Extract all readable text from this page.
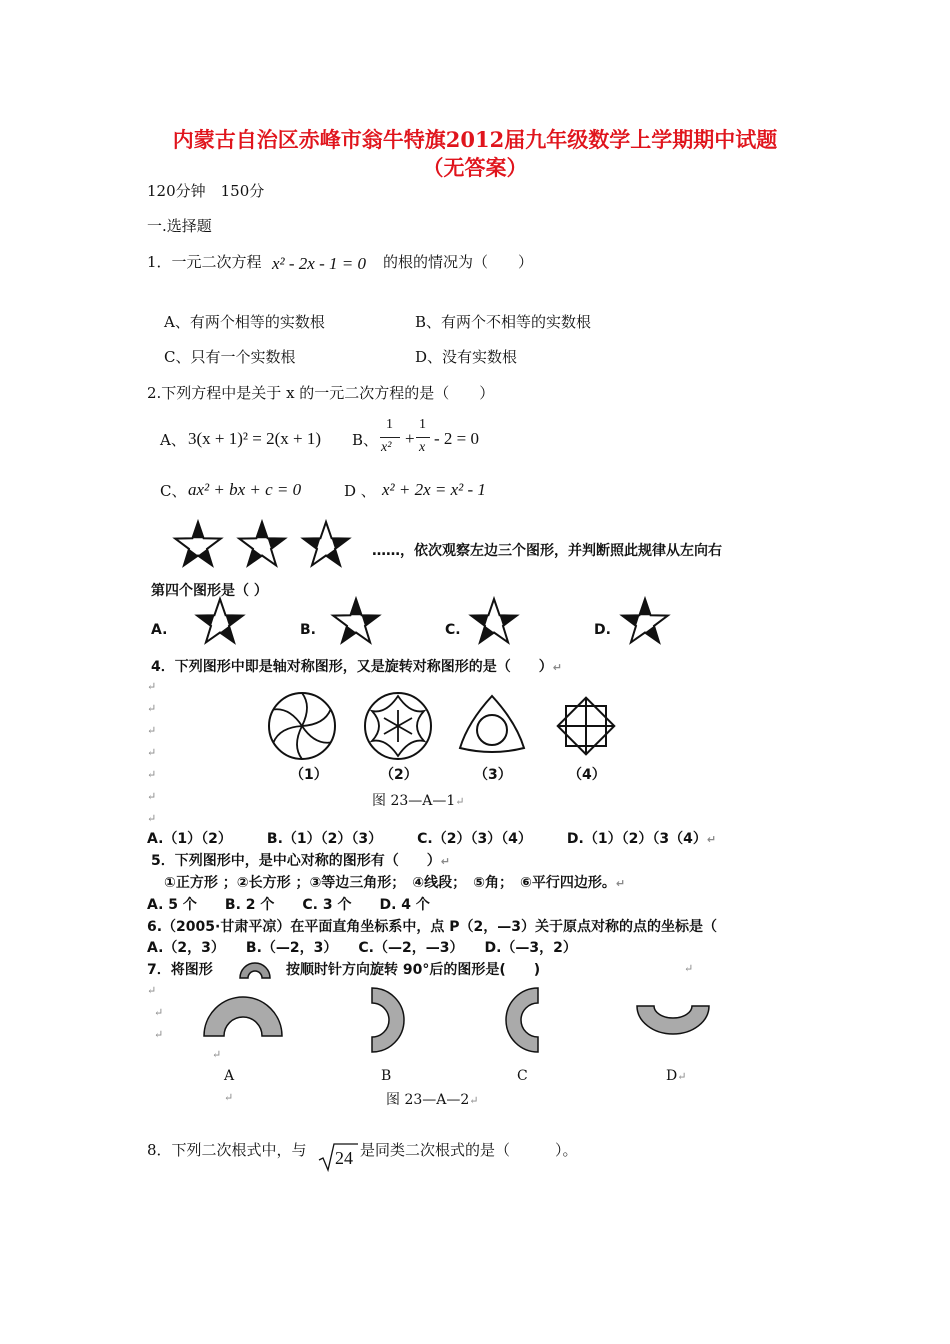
内蒙古自治区赤峰市翁牛特旗2012届九年级数学上学期期中试题
（无答案）
120分钟　150分
一.选择题
1．一元二次方程 x² - 2x - 1 = 0 的根的情况为（　　）
A、有两个相等的实数根	B、有两个不相等的实数根
C、只有一个实数根	D、没有实数根
2.下列方程中是关于 x 的一元二次方程的是（　　）
A、 3(x + 1)² = 2(x + 1) B、
1
x² +
1
x - 2 = 0
C、 ax² + bx + c = 0	D 、 x² + 2x = x² - 1
……，依次观察左边三个图形，并判断照此规律从左向右
第四个图形是（ ）
A.	B.	C.	D.
4．下列图形中即是轴对称图形，又是旋转对称图形的是（　　）↵
↵
↵
↵
↵
↵
↵
↵
（1）	（2）	（3）	（4）
图 23—A—1↵
A.（1）（2）　　　B.（1）（2）（3）　　　C.（2）（3）（4）　　　D.（1）（2）（3（4）↵
5．下列图形中，是中心对称的图形有（　　）↵
①正方形 ；②长方形 ；③等边三角形；　④线段；　⑤角；　⑥平行四边形。↵
A. 5 个　　B. 2 个　　C. 3 个　　D. 4 个
6.（2005·甘肃平凉）在平面直角坐标系中，点 P（2，—3）关于原点对称的点的坐标是（
A.（2，3）　　B.（—2，3）　　C.（—2，—3）　　D.（—3，2）
7．将图形	按顺时针方向旋转 90°后的图形是(　　)	↵
↵
↵
↵
↵
A	B	C	D↵
图 23—A—2↵
↵
8．下列二次根式中，与 24 是同类二次根式的是（　　　）。
